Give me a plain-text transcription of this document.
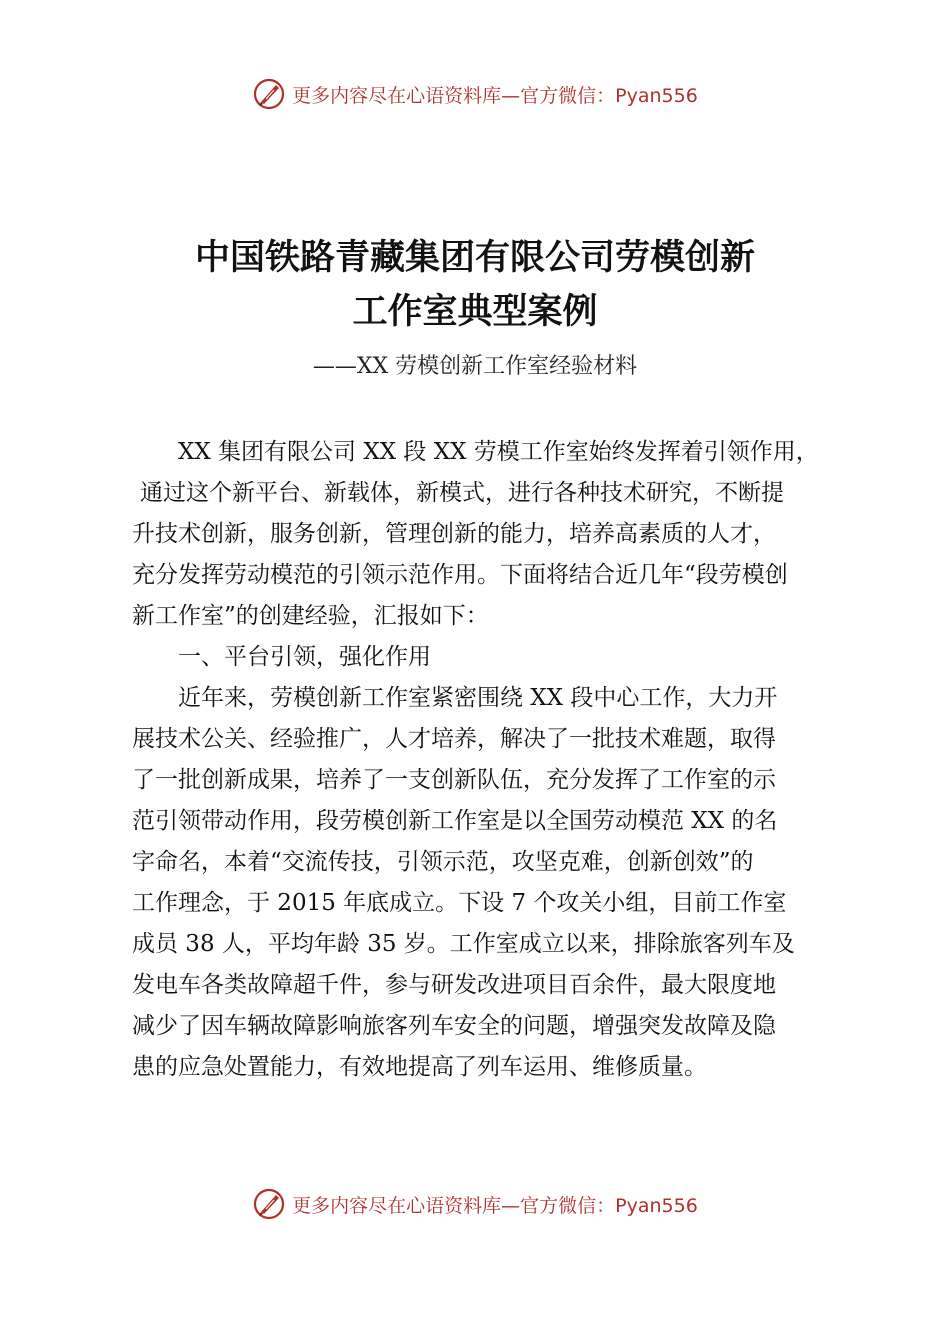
更多内容尽在心语资料库—官方微信：Pyan556
中国铁路青藏集团有限公司劳模创新
工作室典型案例
——XX 劳模创新工作室经验材料
XX 集团有限公司 XX 段 XX 劳模工作室始终发挥着引领作用，
通过这个新平台、新载体，新模式，进行各种技术研究，不断提
升技术创新，服务创新，管理创新的能力，培养高素质的人才，
充分发挥劳动模范的引领示范作用。下面将结合近几年“段劳模创
新工作室”的创建经验，汇报如下：
一、平台引领，强化作用
近年来，劳模创新工作室紧密围绕 XX 段中心工作，大力开
展技术公关、经验推广，人才培养，解决了一批技术难题，取得
了一批创新成果，培养了一支创新队伍，充分发挥了工作室的示
范引领带动作用，段劳模创新工作室是以全国劳动模范 XX 的名
字命名，本着“交流传技，引领示范，攻坚克难，创新创效”的
工作理念，于 2015 年底成立。下设 7 个攻关小组，目前工作室
成员 38 人，平均年龄 35 岁。工作室成立以来，排除旅客列车及
发电车各类故障超千件，参与研发改进项目百余件，最大限度地
减少了因车辆故障影响旅客列车安全的问题，增强突发故障及隐
患的应急处置能力，有效地提高了列车运用、维修质量。
更多内容尽在心语资料库—官方微信：Pyan556
